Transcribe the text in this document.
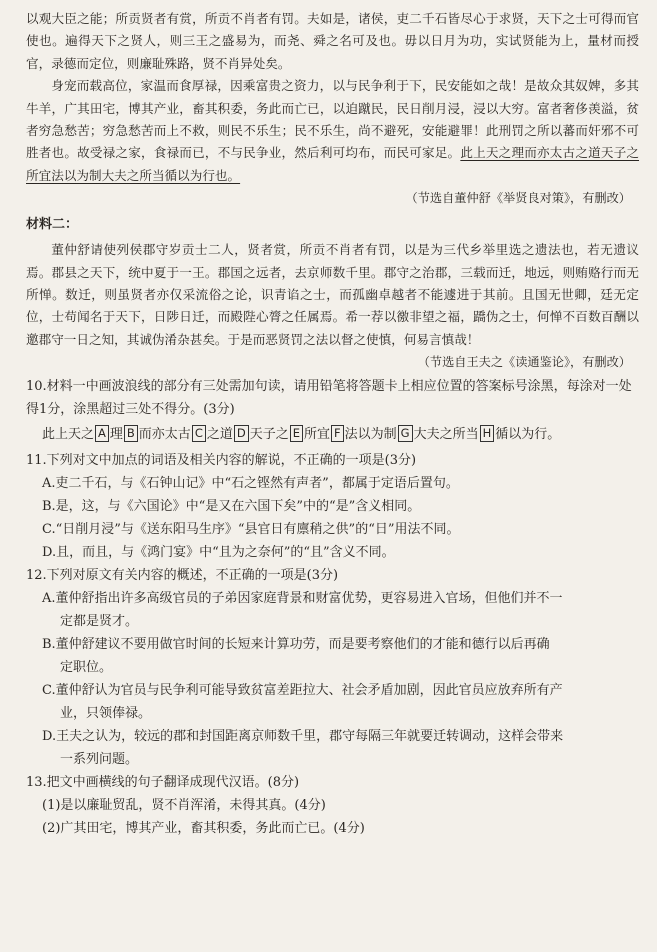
以观大臣之能；所贡贤者有赏，所贡不肖者有罚。夫如是，诸侯，吏二千石皆尽心于求贤，天下之士可得而官使也。遍得天下之贤人，则三王之盛易为，而尧、舜之名可及也。毋以日月为功，实试贤能为上，量材而授官，录德而定位，则廉耻殊路，贤不肖异处矣。

身宠而载高位，家温而食厚禄，因乘富贵之资力，以与民争利于下，民安能如之哉！是故众其奴婢，多其牛羊，广其田宅，博其产业，畜其积委，务此而亡已，以迫蹴民，民日削月浸，浸以大穷。富者奢侈羡溢，贫者穷急愁苦；穷急愁苦而上不救，则民不乐生；民不乐生，尚不避死，安能避罪！此刑罚之所以蕃而奸邪不可胜者也。故受禄之家，食禄而已，不与民争业，然后利可均布，而民可家足。此上天之理而亦太古之道天子之所宜法以为制大夫之所当循以为行也。

（节选自董仲舒《举贤良对策》，有删改）

材料二：

董仲舒请使列侯郡守岁贡士二人，贤者赏，所贡不肖者有罚，以是为三代乡举里选之遗法也，若无遗议焉。郡县之天下，统中夏于一王。郡国之远者，去京师数千里。郡守之治郡，三载而迁，地远，则贿赂行而无所惮。数迁，则虽贤者亦仅采流俗之论，识青谄之士，而孤幽卓越者不能遽进于其前。且国无世卿，廷无定位，士苟闻名于天下，日陟日迁，而殿陛心膂之任属焉。希一荐以徼非望之福，蹻伪之士，何惮不百数百酬以邀郡守一日之知，其诚伪淆杂甚矣。于是而恶贤罚之法以督之使慎，何易言慎哉！

（节选自王夫之《读通鉴论》，有删改）

10.材料一中画波浪线的部分有三处需加句读，请用铅笔将答题卡上相应位置的答案标号涂黑，每涂对一处得1分，涂黑超过三处不得分。(3分)

此上天之 A 理 B 而亦太古 C 之道 D 天子之 E 所宜 F 法以为制 G 大夫之所当 H 循以为行。

11.下列对文中加点的词语及相关内容的解说，不正确的一项是(3分)

A.吏二千石，与《石钟山记》中“石之铿然有声者”，都属于定语后置句。

B.是，这，与《六国论》中“是又在六国下矣”中的“是”含义相同。

C.“日削月浸”与《送东阳马生序》“县官日有廪稍之供”的“日”用法不同。

D.且，而且，与《鸿门宴》中“且为之奈何”的“且”含义不同。

12.下列对原文有关内容的概述，不正确的一项是(3分)

A.董仲舒指出许多高级官员的子弟因家庭背景和财富优势，更容易进入官场，但他们并不一

定都是贤才。

B.董仲舒建议不要用做官时间的长短来计算功劳，而是要考察他们的才能和德行以后再确

定职位。

C.董仲舒认为官员与民争利可能导致贫富差距拉大、社会矛盾加剧，因此官员应放弃所有产

业，只领俸禄。

D.王夫之认为，较远的郡和封国距离京师数千里，郡守每隔三年就要迁转调动，这样会带来

一系列问题。

13.把文中画横线的句子翻译成现代汉语。(8分)

(1)是以廉耻贸乱，贤不肖浑淆，未得其真。(4分)

(2)广其田宅，博其产业，畜其积委，务此而亡已。(4分)
